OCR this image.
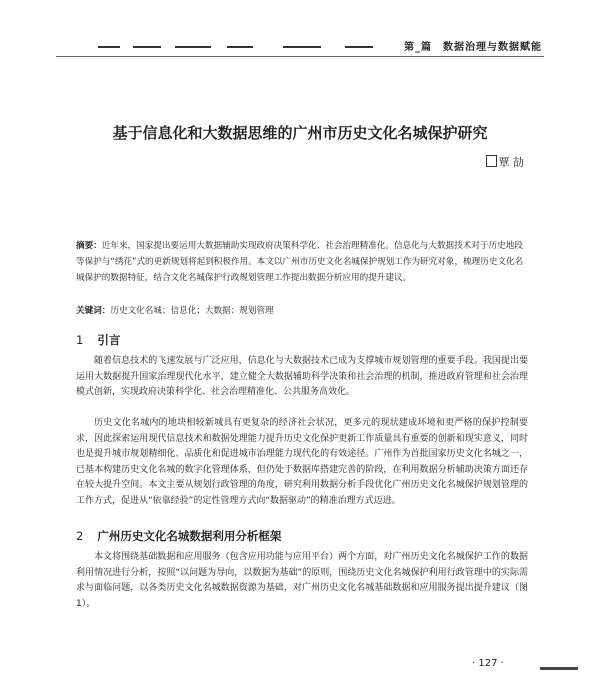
第_篇　数据治理与数据赋能
基于信息化和大数据思维的广州市历史文化名城保护研究
覃 劼
摘要：近年来，国家提出要运用大数据辅助实现政府决策科学化、社会治理精准化。信息化与大数据技术对于历史地段等保护与“绣花”式的更新规划将起到积极作用。本文以广州市历史文化名城保护规划工作为研究对象，梳理历史文化名城保护的数据特征，结合文化名城保护行政规划管理工作提出数据分析应用的提升建议。
关键词：历史文化名城；信息化；大数据；规划管理
1 引言
随着信息技术的飞速发展与广泛应用，信息化与大数据技术已成为支撑城市规划管理的重要手段。我国提出要运用大数据提升国家治理现代化水平，建立健全大数据辅助科学决策和社会治理的机制，推进政府管理和社会治理模式创新，实现政府决策科学化、社会治理精准化、公共服务高效化。
历史文化名城内的地块相较新城具有更复杂的经济社会状况，更多元的现状建成环境和更严格的保护控制要求，因此探索运用现代信息技术和数据处理能力提升历史文化保护更新工作质量具有重要的创新和现实意义，同时也是提升城市规划精细化、品质化和促进城市治理能力现代化的有效途径。广州作为首批国家历史文化名城之一，已基本构建历史文化名城的数字化管理体系，但仍处于数据库搭建完善的阶段，在利用数据分析辅助决策方面还存在较大提升空间。本文主要从规划行政管理的角度，研究利用数据分析手段优化广州历史文化名城保护规划管理的工作方式，促进从“依靠经验”的定性管理方式向“数据驱动”的精准治理方式迈进。
2 广州历史文化名城数据利用分析框架
本文将围绕基础数据和应用服务（包含应用功能与应用平台）两个方面，对广州历史文化名城保护工作的数据利用情况进行分析，按照“以问题为导向，以数据为基础”的原则，围绕历史文化名城保护利用行政管理中的实际需求与面临问题，以各类历史文化名城数据资源为基础，对广州历史文化名城基础数据和应用服务提出提升建议（图1）。
· 127 ·
